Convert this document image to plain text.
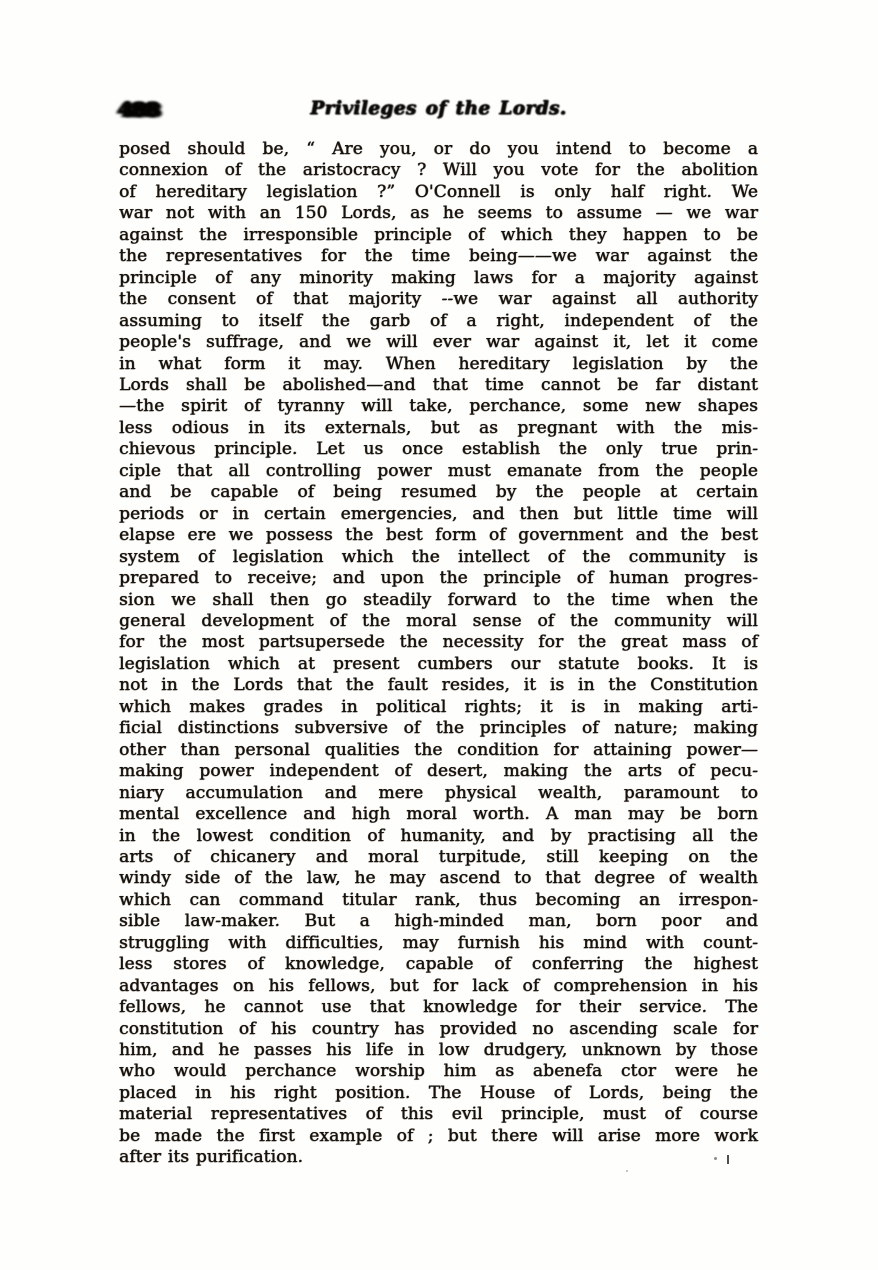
488	Privileges of the Lords.
posed should be, “ Are you, or do you intend to become a
connexion of the aristocracy ? Will you vote for the abolition
of hereditary legislation ?” O'Connell is only half right. We
war not with an 150 Lords, as he seems to assume — we war
against the irresponsible principle of which they happen to be
the representatives for the time being——we war against the
principle of any minority making laws for a majority against
the consent of that majority --we war against all authority
assuming to itself the garb of a right, independent of the
people's suffrage, and we will ever war against it, let it come
in what form it may. When hereditary legislation by the
Lords shall be abolished—and that time cannot be far distant
—the spirit of tyranny will take, perchance, some new shapes
less odious in its externals, but as pregnant with the mis-
chievous principle. Let us once establish the only true prin-
ciple that all controlling power must emanate from the people
and be capable of being resumed by the people at certain
periods or in certain emergencies, and then but little time will
elapse ere we possess the best form of government and the best
system of legislation which the intellect of the community is
prepared to receive; and upon the principle of human progres-
sion we shall then go steadily forward to the time when the
general development of the moral sense of the community will
for the most partsupersede the necessity for the great mass of
legislation which at present cumbers our statute books. It is
not in the Lords that the fault resides, it is in the Constitution
which makes grades in political rights; it is in making arti-
ficial distinctions subversive of the principles of nature; making
other than personal qualities the condition for attaining power—
making power independent of desert, making the arts of pecu-
niary accumulation and mere physical wealth, paramount to
mental excellence and high moral worth. A man may be born
in the lowest condition of humanity, and by practising all the
arts of chicanery and moral turpitude, still keeping on the
windy side of the law, he may ascend to that degree of wealth
which can command titular rank, thus becoming an irrespon-
sible law-maker. But a high-minded man, born poor and
struggling with difficulties, may furnish his mind with count-
less stores of knowledge, capable of conferring the highest
advantages on his fellows, but for lack of comprehension in his
fellows, he cannot use that knowledge for their service. The
constitution of his country has provided no ascending scale for
him, and he passes his life in low drudgery, unknown by those
who would perchance worship him as abenefa ctor were he
placed in his right position. The House of Lords, being the
material representatives of this evil principle, must of course
be made the first example of ; but there will arise more work
after its purification.
